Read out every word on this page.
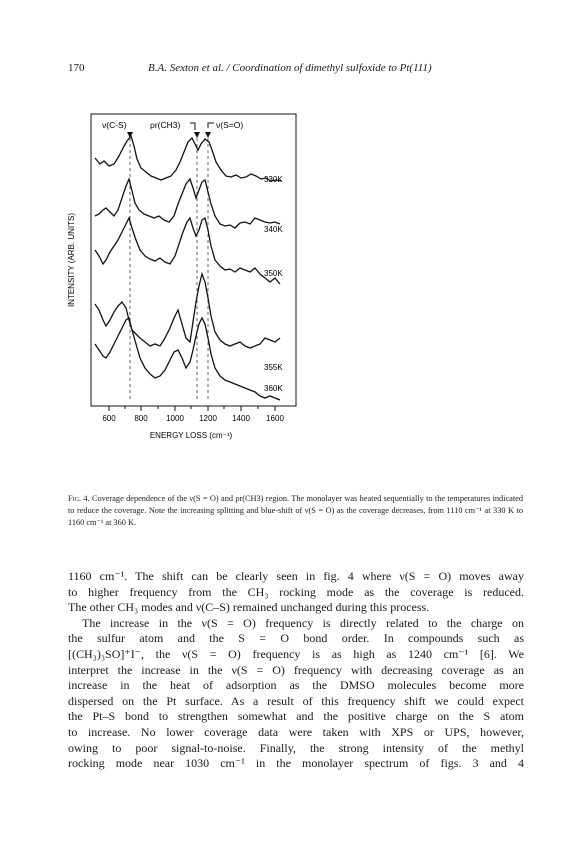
170	B.A. Sexton et al. / Coordination of dimethyl sulfoxide to Pt(111)
ν(C-S)	ρr(CH3)	ν(S=O)
330K
340K
350K
355K
360K
600 800 1000 1200 1400 1600
ENERGY LOSS (cm⁻¹)
INTENSITY (ARB. UNITS)
Fig. 4. Coverage dependence of the ν(S = O) and ρr(CH3) region. The monolayer was heated sequentially to the temperatures indicated to reduce the coverage. Note the increasing splitting and blue-shift of ν(S = O) as the coverage decreases, from 1110 cm⁻¹ at 330 K to 1160 cm⁻¹ at 360 K.

1160 cm⁻¹. The shift can be clearly seen in fig. 4 where ν(S = O) moves away

to higher frequency from the CH₃ rocking mode as the coverage is reduced.

The other CH₃ modes and ν(C–S) remained unchanged during this process.

The increase in the ν(S = O) frequency is directly related to the charge on

the sulfur atom and the S = O bond order. In compounds such as

[(CH₃)₃SO]⁺I⁻, the ν(S = O) frequency is as high as 1240 cm⁻¹ [6]. We

interpret the increase in the ν(S = O) frequency with decreasing coverage as an

increase in the heat of adsorption as the DMSO molecules become more

dispersed on the Pt surface. As a result of this frequency shift we could expect

the Pt–S bond to strengthen somewhat and the positive charge on the S atom

to increase. No lower coverage data were taken with XPS or UPS, however,

owing to poor signal-to-noise. Finally, the strong intensity of the methyl

rocking mode near 1030 cm⁻¹ in the monolayer spectrum of figs. 3 and 4
